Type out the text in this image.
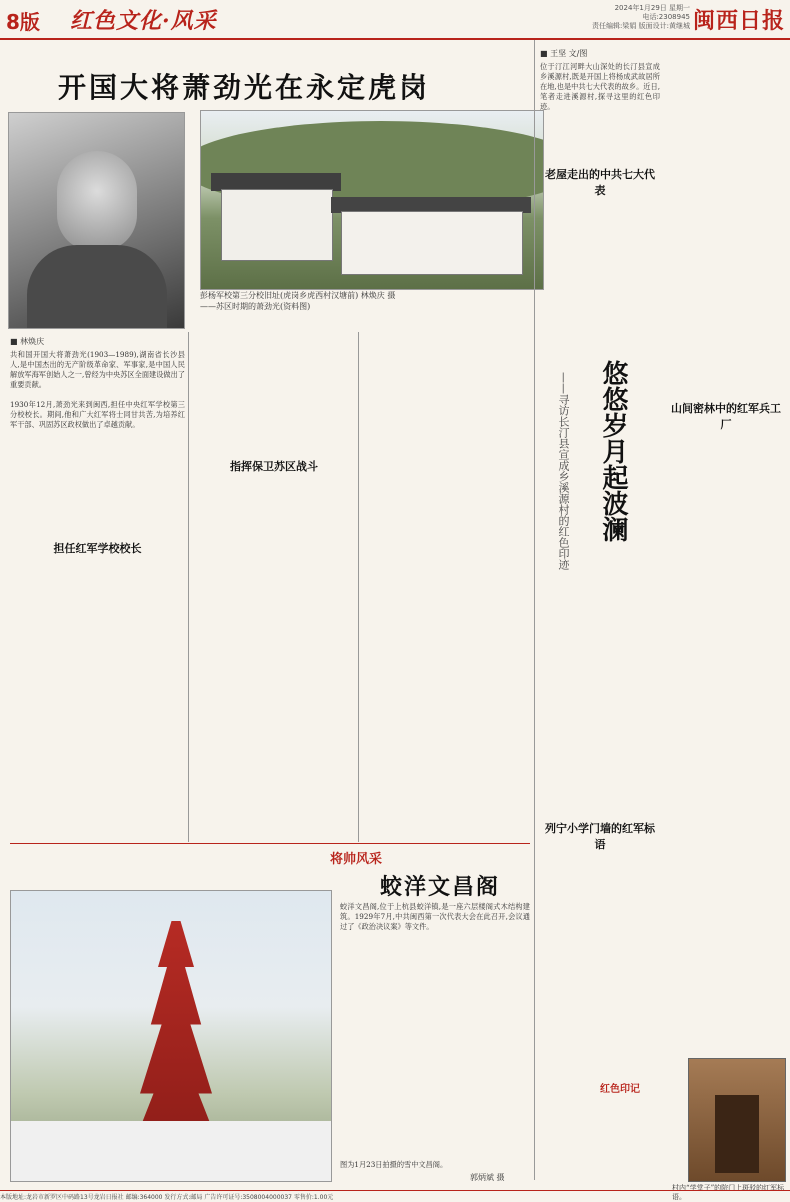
8版 红色文化·风采	2024年1月29日 星期一
电话:2308945
责任编辑:梁娟 版面设计:黄继城 闽西日报
开国大将萧劲光在永定虎岗
彭杨军校第三分校旧址(虎岗乡虎西村汉塘前) 林焕庆 摄
——苏区时期的萧劲光(资料图)
■ 林焕庆
共和国开国大将萧劲光(1903—1989),湖南省长沙县人,是中国杰出的无产阶级革命家、军事家,是中国人民解放军海军创始人之一,曾经为中央苏区全面建设做出了重要贡献。
1930年12月,萧劲光来到闽西,担任中央红军学校第三分校校长。期间,他和广大红军将士同甘共苦,为培养红军干部、巩固苏区政权做出了卓越贡献。
担任红军学校校长
指挥保卫苏区战斗
■ 王坚 文/图
位于汀江河畔大山深处的长汀县宣成乡溪源村,既是开国上将杨成武故居所在地,也是中共七大代表的故乡。近日,笔者走进溪源村,探寻这里的红色印迹。
老屋走出的中共七大代表
列宁小学门墙的红军标语
山间密林中的红军兵工厂
悠悠岁月起波澜
——寻访长汀县宣成乡溪源村的红色印迹
将帅风采
蛟洋文昌阁
蛟洋文昌阁,位于上杭县蛟洋镇,是一座六层楼阁式木结构建筑。1929年7月,中共闽西第一次代表大会在此召开,会议通过了《政治决议案》等文件。
图为1月23日拍摄的雪中文昌阁。
郭炳斌 摄
红色印记
村内“学堂子”的院门上斑驳的红军标语。
本版地址:龙岩市新罗区中码路13号龙岩日报社 邮编:364000 发行方式:邮局 广告许可证号:3508004000037 零售价:1.00元
